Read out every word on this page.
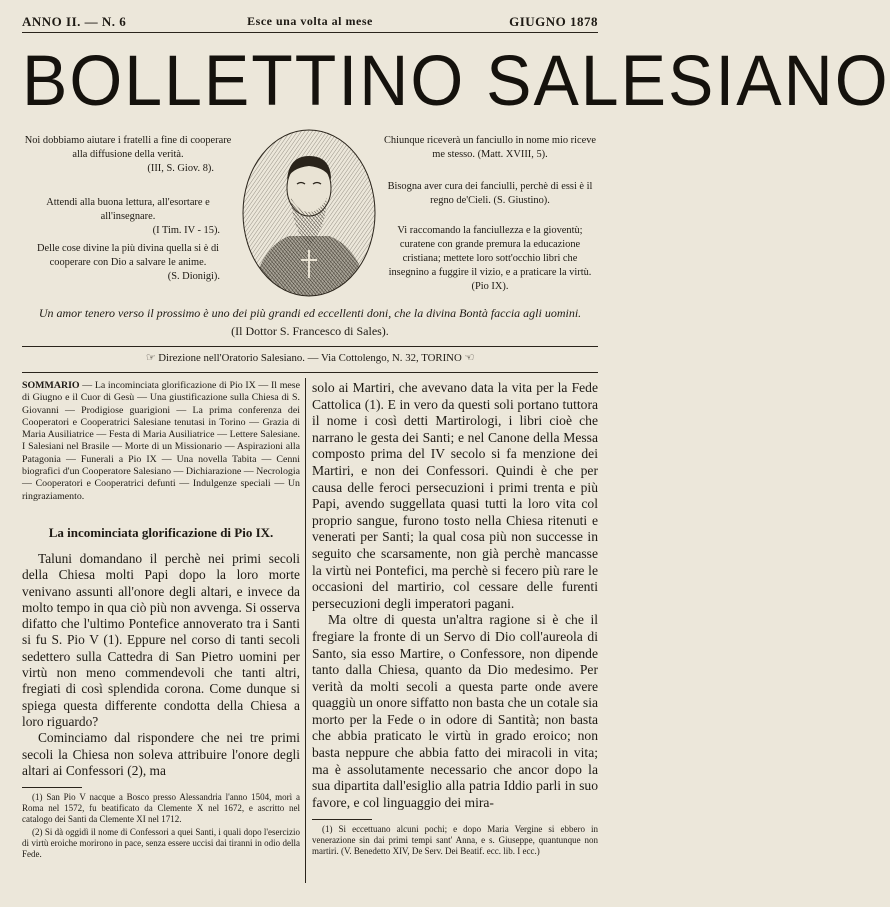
ANNO II. — N. 6	Esce una volta al mese	GIUGNO 1878
BOLLETTINO SALESIANO

Noi dobbiamo aiutare i fratelli a fine di cooperare alla diffusione della verità.

(III, S. Giov. 8).

Attendi alla buona lettura, all'esortare e all'insegnare.

(I Tim. IV - 15).

Delle cose divine la più divina quella si è di cooperare con Dio a salvare le anime.

(S. Dionigi).

Chiunque riceverà un fanciullo in nome mio riceve me stesso. (Matt. XVIII, 5).

Bisogna aver cura dei fanciulli, perchè di essi è il regno de'Cieli. (S. Giustino).

Vi raccomando la fanciullezza e la gioventù; curatene con grande premura la educazione cristiana; mettete loro sott'occhio libri che insegnino a fuggire il vizio, e a praticare la virtù. (Pio IX).

Un amor tenero verso il prossimo è uno dei più grandi ed eccellenti doni, che la divina Bontà faccia agli uomini.
(Il Dottor S. Francesco di Sales).
☞ Direzione nell'Oratorio Salesiano. — Via Cottolengo, N. 32, TORINO ☜
SOMMARIO — La incominciata glorificazione di Pio IX — Il mese di Giugno e il Cuor di Gesù — Una giustificazione sulla Chiesa di S. Giovanni — Prodigiose guarigioni — La prima conferenza dei Cooperatori e Cooperatrici Salesiane tenutasi in Torino — Grazia di Maria Ausiliatrice — Festa di Maria Ausiliatrice — Lettere Salesiane. I Salesiani nel Brasile — Morte di un Missionario — Aspirazioni alla Patagonia — Funerali a Pio IX — Una novella Tabita — Cenni biografici d'un Cooperatore Salesiano — Dichiarazione — Necrologia — Cooperatori e Cooperatrici defunti — Indulgenze speciali — Un ringraziamento.
La incominciata glorificazione di Pio IX.

Taluni domandano il perchè nei primi secoli della Chiesa molti Papi dopo la loro morte venivano assunti all'onore degli altari, e invece da molto tempo in qua ciò più non avvenga. Si osserva difatto che l'ultimo Pontefice annoverato tra i Santi si fu S. Pio V (1). Eppure nel corso di tanti secoli sedettero sulla Cattedra di San Pietro uomini per virtù non meno commendevoli che tanti altri, fregiati di così splendida corona. Come dunque si spiega questa differente condotta della Chiesa a loro riguardo?

Cominciamo dal rispondere che nei tre primi secoli la Chiesa non soleva attribuire l'onore degli altari ai Confessori (2), ma

(1) San Pio V nacque a Bosco presso Alessandria l'anno 1504, morì a Roma nel 1572, fu beatificato da Clemente X nel 1672, e ascritto nel catalogo dei Santi da Clemente XI nel 1712.

(2) Si dà oggidì il nome di Confessori a quei Santi, i quali dopo l'esercizio di virtù eroiche morirono in pace, senza essere uccisi dai tiranni in odio della Fede.

solo ai Martiri, che avevano data la vita per la Fede Cattolica (1). E in vero da questi soli portano tuttora il nome i così detti Martirologi, i libri cioè che narrano le gesta dei Santi; e nel Canone della Messa composto prima del IV secolo si fa menzione dei Martiri, e non dei Confessori. Quindi è che per causa delle feroci persecuzioni i primi trenta e più Papi, avendo suggellata quasi tutti la loro vita col proprio sangue, furono tosto nella Chiesa ritenuti e venerati per Santi; la qual cosa più non successe in seguito che scarsamente, non già perchè mancasse la virtù nei Pontefici, ma perchè si fecero più rare le occasioni del martirio, col cessare delle furenti persecuzioni degli imperatori pagani.

Ma oltre di questa un'altra ragione si è che il fregiare la fronte di un Servo di Dio coll'aureola di Santo, sia esso Martire, o Confessore, non dipende tanto dalla Chiesa, quanto da Dio medesimo. Per verità da molti secoli a questa parte onde avere quaggiù un onore siffatto non basta che un cotale sia morto per la Fede o in odore di Santità; non basta che abbia praticato le virtù in grado eroico; non basta neppure che abbia fatto dei miracoli in vita; ma è assolutamente necessario che ancor dopo la sua dipartita dall'esiglio alla patria Iddio parli in suo favore, e col linguaggio dei mira-

(1) Si eccettuano alcuni pochi; e dopo Maria Vergine si ebbero in venerazione sin dai primi tempi sant' Anna, e s. Giuseppe, quantunque non martiri. (V. Benedetto XIV, De Serv. Dei Beatif. ecc. lib. I ecc.)
